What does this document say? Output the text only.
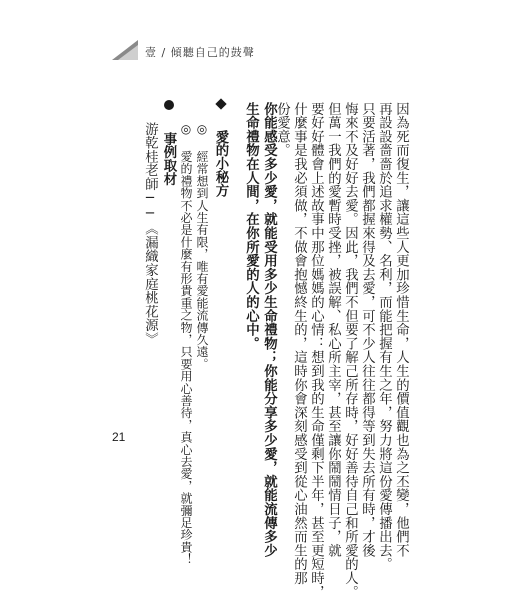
壹 / 傾聽自己的鼓聲
因為死而復生，讓這些人更加珍惜生命，人生的價值觀也為之丕變，他們不
再設設嗇嗇於追求權勢、名利，而能把握有生之年，努力將這份愛傳播出去。
只要活著，我們都握來得及去愛，可不少人往往都得等到失去所有時，才後
悔來不及好好去愛。因此，我們不但要了解己所存時，好好善待自己和所愛的人。
但萬一我們的愛暫時受挫，被誤解、私心所主宰，甚至讓你鬧鬧情日子，就
要好好體會上述故事中那位媽媽的心情：想到我的生命僅剩下半年，甚至更短時，
什麼事是我必須做，不做會抱憾終生的，這時你會深刻感受到從心油然而生的那
份愛意。
你能感受多少愛，就能受用多少生命禮物；你能分享多少愛，就能流傳多少
生命禮物在人間，在你所愛的人的心中。
愛的小秘方
◎ 經常想到人生有限，唯有愛能流傳久遠。
◎ 愛的禮物不必是什麼有形貴重之物，只要用心善待，真心去愛，就彌足珍貴！
事例取材
游乾桂老師──《漏織家庭桃花源》
21
